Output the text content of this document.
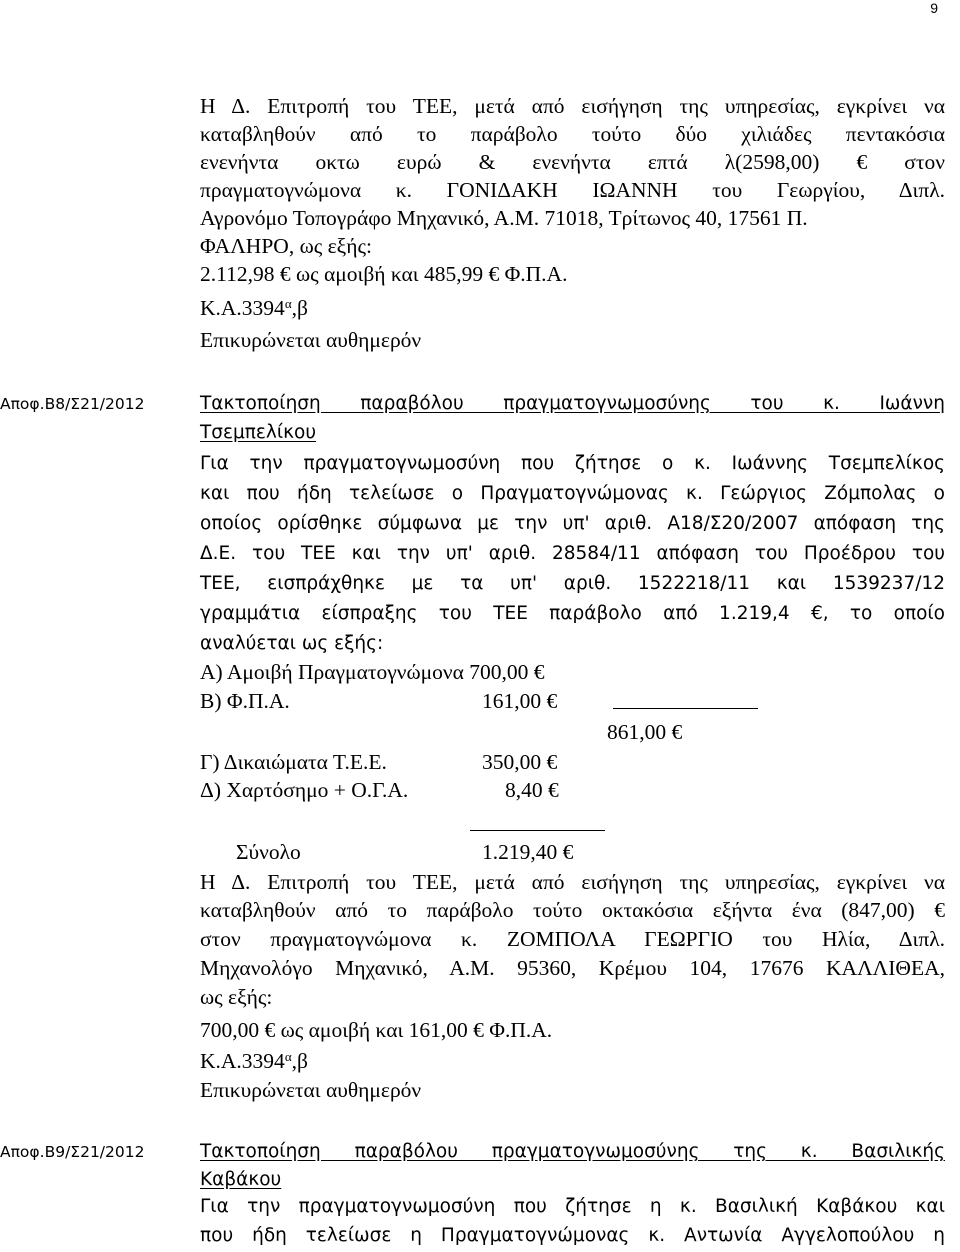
9
Η Δ. Επιτροπή του ΤΕΕ, μετά από εισήγηση της υπηρεσίας, εγκρίνει να
καταβληθούν από το παράβολο τούτο δύο χιλιάδες πεντακόσια
ενενήντα οκτω ευρώ & ενενήντα επτά λ(2598,00) € στον
πραγματογνώμονα κ. ΓΟΝΙΔΑΚΗ ΙΩΑΝΝΗ του Γεωργίου, Διπλ.
Αγρονόμο Τοπογράφο Μηχανικό, Α.Μ. 71018, Τρίτωνος 40, 17561 Π.
ΦΑΛΗΡΟ, ως εξής:
2.112,98 € ως αμοιβή και 485,99 € Φ.Π.Α.
$K.A.3394^\alpha,\beta$
Επικυρώνεται αυθημερόν
Αποφ.Β8/Σ21/2012	Τακτοποίηση παραβόλου πραγματογνωμοσύνης του κ. Ιωάννη
Τσεμπελίκου
Για την πραγματογνωμοσύνη που ζήτησε ο κ. Ιωάννης Τσεμπελίκος
και που ήδη τελείωσε ο Πραγματογνώμονας κ. Γεώργιος Ζόμπολας ο
οποίος ορίσθηκε σύμφωνα με την υπ' αριθ. Α18/Σ20/2007 απόφαση της
Δ.Ε. του ΤΕΕ και την υπ' αριθ. 28584/11 απόφαση του Προέδρου του
ΤΕΕ, εισπράχθηκε με τα υπ' αριθ. 1522218/11 και 1539237/12
γραμμάτια είσπραξης του ΤΕΕ παράβολο από 1.219,4 €, το οποίο
αναλύεται ως εξής:
Α) Αμοιβή Πραγματογνώμονα 700,00 €
Β) Φ.Π.Α.	161,00 €
861,00 €
Γ) Δικαιώματα Τ.Ε.Ε.	350,00 €
Δ) Χαρτόσημο + Ο.Γ.Α.	8,40 €
Σύνολο	1.219,40 €
Η Δ. Επιτροπή του ΤΕΕ, μετά από εισήγηση της υπηρεσίας, εγκρίνει να
καταβληθούν από το παράβολο τούτο οκτακόσια εξήντα ένα (847,00) €
στον πραγματογνώμονα κ. ΖΟΜΠΟΛΑ ΓΕΩΡΓΙΟ του Ηλία, Διπλ.
Μηχανολόγο Μηχανικό, Α.Μ. 95360, Κρέμου 104, 17676 ΚΑΛΛΙΘΕΑ,
ως εξής:
700,00 € ως αμοιβή και 161,00 € Φ.Π.Α.
$K.A.3394^\alpha,\beta$
Επικυρώνεται αυθημερόν
Αποφ.Β9/Σ21/2012	Τακτοποίηση παραβόλου πραγματογνωμοσύνης της κ. Βασιλικής
Καβάκου
Για την πραγματογνωμοσύνη που ζήτησε η κ. Βασιλική Καβάκου και
που ήδη τελείωσε η Πραγματογνώμονας κ. Αντωνία Αγγελοπούλου η
